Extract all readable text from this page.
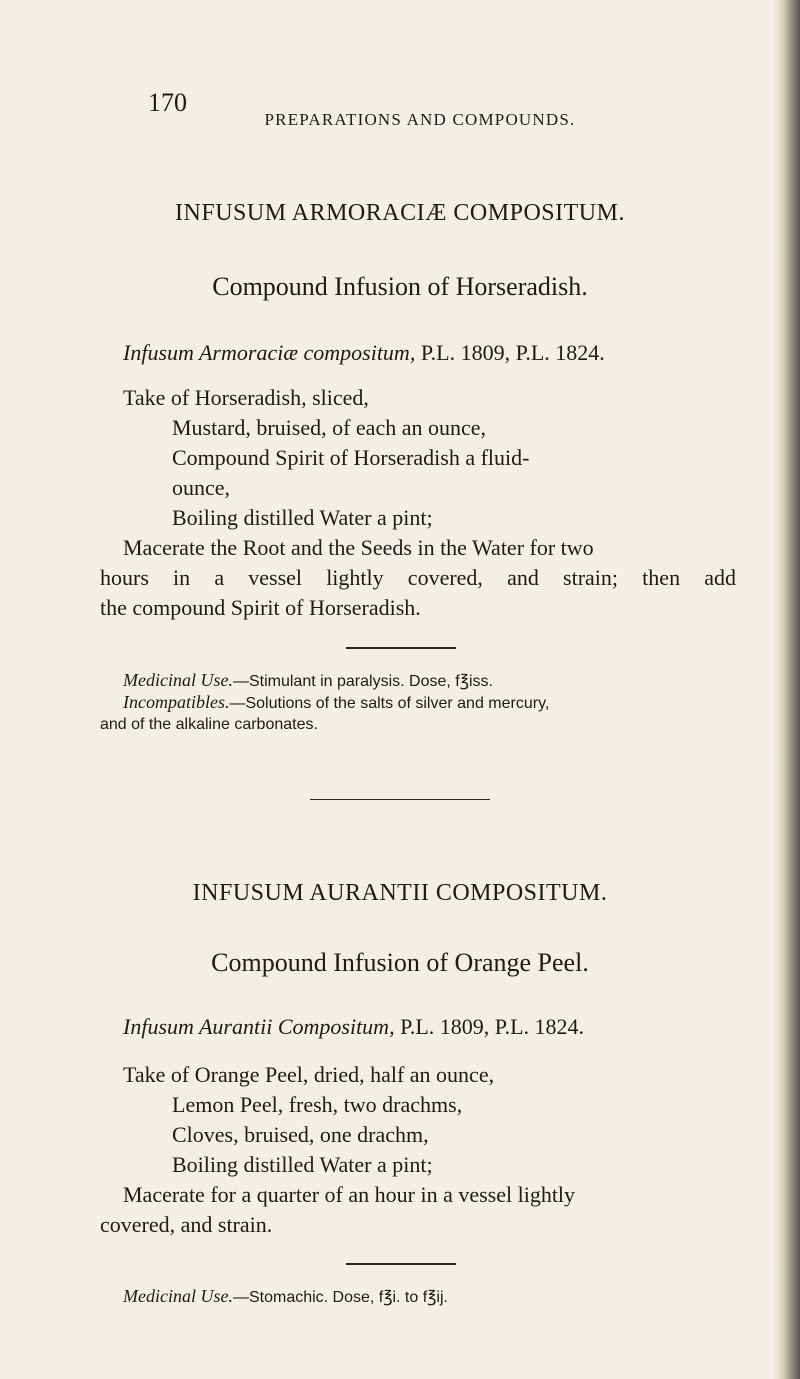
170
PREPARATIONS AND COMPOUNDS.

INFUSUM ARMORACIÆ COMPOSITUM.

Compound Infusion of Horseradish.

Infusum Armoraciæ compositum, P.L. 1809, P.L. 1824.

Take of Horseradish, sliced,
Mustard, bruised, of each an ounce,
Compound Spirit of Horseradish a fluid-
ounce,
Boiling distilled Water a pint;
Macerate the Root and the Seeds in the Water for two
hours in a vessel lightly covered, and strain; then add
the compound Spirit of Horseradish.
Medicinal Use.—Stimulant in paralysis. Dose, f℥iss.
Incompatibles.—Solutions of the salts of silver and mercury,
and of the alkaline carbonates.

INFUSUM AURANTII COMPOSITUM.

Compound Infusion of Orange Peel.

Infusum Aurantii Compositum, P.L. 1809, P.L. 1824.

Take of Orange Peel, dried, half an ounce,
Lemon Peel, fresh, two drachms,
Cloves, bruised, one drachm,
Boiling distilled Water a pint;
Macerate for a quarter of an hour in a vessel lightly
covered, and strain.
Medicinal Use.—Stomachic. Dose, f℥i. to f℥ij.
